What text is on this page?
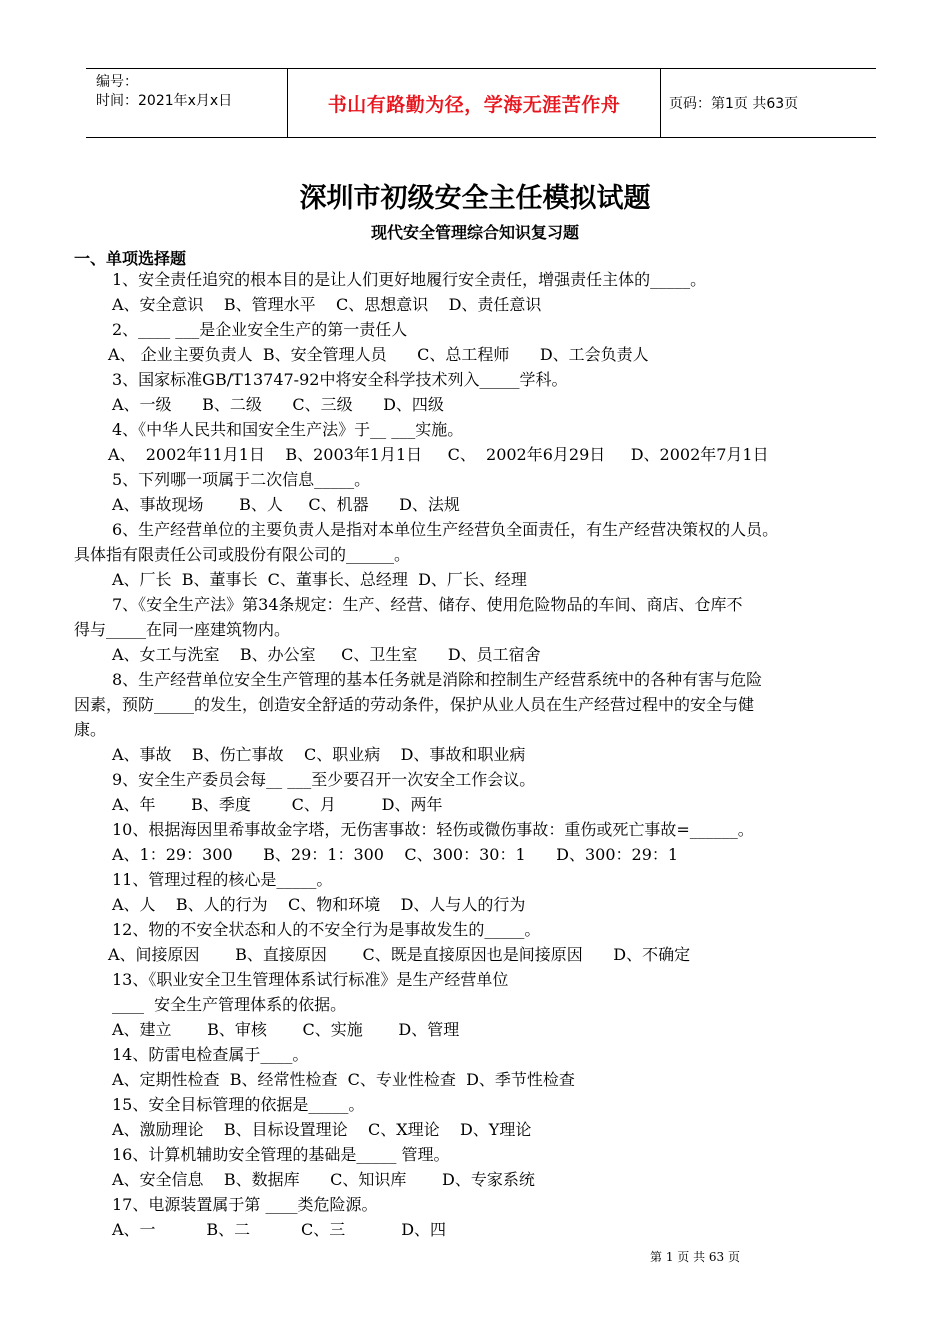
编号：
时间：2021年x月x日	书山有路勤为径，学海无涯苦作舟	页码：第1页 共63页
深圳市初级安全主任模拟试题
现代安全管理综合知识复习题
一、单项选择题
1、安全责任追究的根本目的是让人们更好地履行安全责任，增强责任主体的_____。
A、安全意识    B、管理水平    C、思想意识    D、责任意识
2、____ ___是企业安全生产的第一责任人
A、 企业主要负责人  B、安全管理人员      C、总工程师      D、工会负责人
3、国家标准GB/T13747-92中将安全科学技术列入_____学科。
A、一级      B、二级      C、三级      D、四级
4、《中华人民共和国安全生产法》于__ ___实施。
A、  2002年11月1日    B、2003年1月1日     C、  2002年6月29日     D、2002年7月1日
5、下列哪一项属于二次信息_____。
A、事故现场       B、人     C、机器      D、法规
6、生产经营单位的主要负责人是指对本单位生产经营负全面责任，有生产经营决策权的人员。
具体指有限责任公司或股份有限公司的______。
A、厂长  B、董事长  C、董事长、总经理  D、厂长、经理
7、《安全生产法》第34条规定：生产、经营、储存、使用危险物品的车间、商店、仓库不
得与_____在同一座建筑物内。
A、女工与洗室    B、办公室     C、卫生室      D、员工宿舍
8、生产经营单位安全生产管理的基本任务就是消除和控制生产经营系统中的各种有害与危险
因素，预防_____的发生，创造安全舒适的劳动条件，保护从业人员在生产经营过程中的安全与健
康。
A、事故    B、伤亡事故    C、职业病    D、事故和职业病
9、安全生产委员会每__ ___至少要召开一次安全工作会议。
A、年       B、季度        C、月         D、两年
10、根据海因里希事故金字塔，无伤害事故：轻伤或微伤事故：重伤或死亡事故=______。
A、1：29：300      B、29：1：300    C、300：30：1      D、300：29：1
11、管理过程的核心是_____。
A、人    B、人的行为    C、物和环境    D、人与人的行为
12、物的不安全状态和人的不安全行为是事故发生的_____。
A、间接原因       B、直接原因       C、既是直接原因也是间接原因      D、不确定
13、《职业安全卫生管理体系试行标准》是生产经营单位
____  安全生产管理体系的依据。
A、建立       B、审核       C、实施       D、管理
14、防雷电检查属于____。
A、定期性检查  B、经常性检查  C、专业性检查  D、季节性检查
15、安全目标管理的依据是_____。
A、激励理论    B、目标设置理论    C、X理论    D、Y理论
16、计算机辅助安全管理的基础是_____ 管理。
A、安全信息    B、数据库      C、知识库       D、专家系统
17、电源装置属于第 ____类危险源。
A、一          B、二          C、三           D、四
第 1 页 共 63 页
